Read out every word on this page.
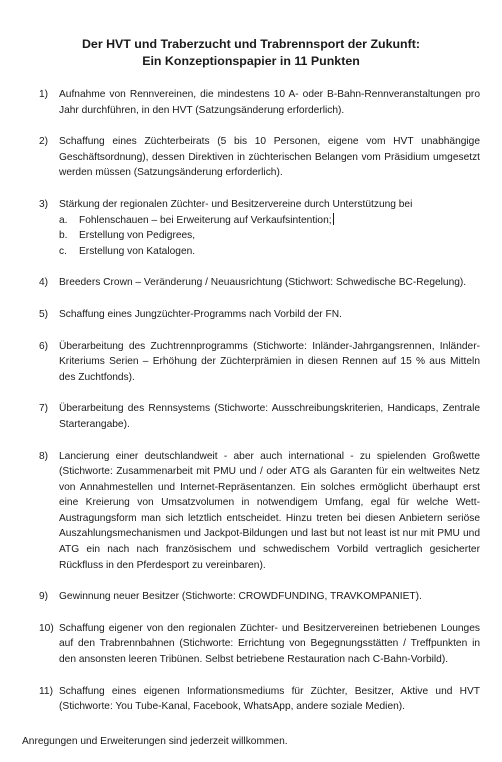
Der HVT und Traberzucht und Trabrennsport der Zukunft:
Ein Konzeptionspapier in 11 Punkten
1)	Aufnahme von Rennvereinen, die mindestens 10 A- oder B-Bahn-Rennveranstaltungen pro Jahr durchführen, in den HVT (Satzungsänderung erforderlich).
2)	Schaffung eines Züchterbeirats (5 bis 10 Personen, eigene vom HVT unabhängige Geschäftsordnung), dessen Direktiven in züchterischen Belangen vom Präsidium umgesetzt werden müssen (Satzungsänderung erforderlich).
3)	Stärkung der regionalen Züchter- und Besitzervereine durch Unterstützung bei
a. Fohlenschauen – bei Erweiterung auf Verkaufsintention;
b. Erstellung von Pedigrees,
c. Erstellung von Katalogen.
4)	Breeders Crown – Veränderung / Neuausrichtung (Stichwort: Schwedische BC-Regelung).
5)	Schaffung eines Jungzüchter-Programms nach Vorbild der FN.
6)	Überarbeitung des Zuchtrennprogramms (Stichworte: Inländer-Jahrgangsrennen, Inländer-Kriteriums Serien – Erhöhung der Züchterprämien in diesen Rennen auf 15 % aus Mitteln des Zuchtfonds).
7)	Überarbeitung des Rennsystems (Stichworte: Ausschreibungskriterien, Handicaps, Zentrale Starterangabe).
8)	Lancierung einer deutschlandweit - aber auch international - zu spielenden Großwette (Stichworte: Zusammenarbeit mit PMU und / oder ATG als Garanten für ein weltweites Netz von Annahmestellen und Internet-Repräsentanzen. Ein solches ermöglicht überhaupt erst eine Kreierung von Umsatzvolumen in notwendigem Umfang, egal für welche Wett-Austragungsform man sich letztlich entscheidet. Hinzu treten bei diesen Anbietern seriöse Auszahlungsmechanismen und Jackpot-Bildungen und last but not least ist nur mit PMU und ATG ein nach nach französischem und schwedischem Vorbild vertraglich gesicherter Rückfluss in den Pferdesport zu vereinbaren).
9)	Gewinnung neuer Besitzer (Stichworte: CROWDFUNDING, TRAVKOMPANIET).
10) Schaffung eigener von den regionalen Züchter- und Besitzervereinen betriebenen Lounges auf den Trabrennbahnen (Stichworte: Errichtung von Begegnungsstätten / Treffpunkten in den ansonsten leeren Tribünen. Selbst betriebene Restauration nach C-Bahn-Vorbild).
11) Schaffung eines eigenen Informationsmediums für Züchter, Besitzer, Aktive und HVT (Stichworte: You Tube-Kanal, Facebook, WhatsApp, andere soziale Medien).
Anregungen und Erweiterungen sind jederzeit willkommen.
